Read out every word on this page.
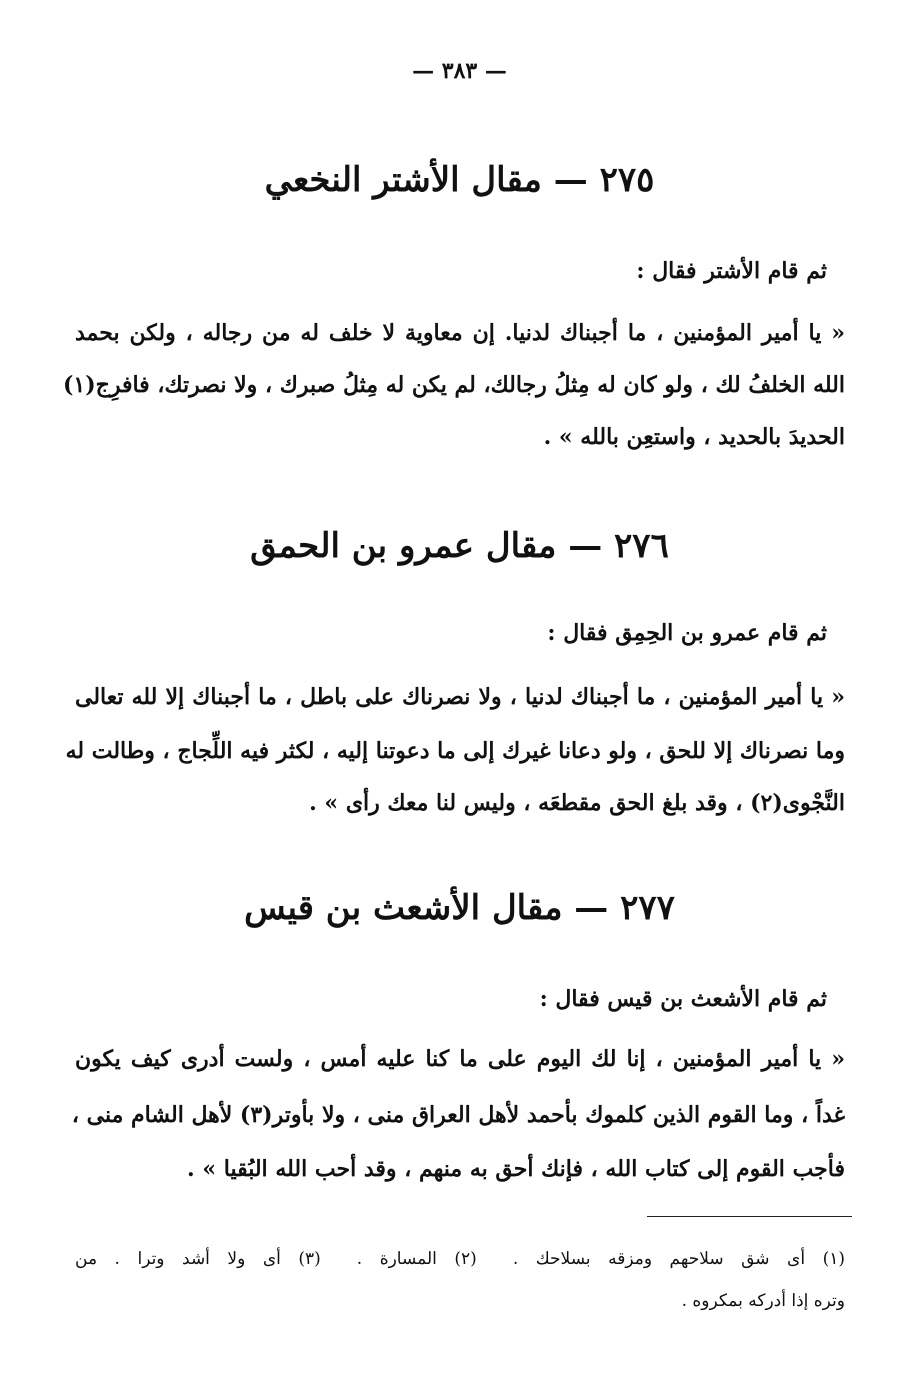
— ٣٨٣ —
٢٧٥ — مقال الأشتر النخعي
ثم قام الأشتر فقال :
« يا أمير المؤمنين ، ما أجبناك لدنيا. إن معاوية لا خلف له من رجاله ، ولكن بحمد
الله الخلفُ لك ، ولو كان له مِثلُ رجالك، لم يكن له مِثلُ صبرك ، ولا نصرتك، فافرِج(١)
الحديدَ بالحديد ، واستعِن بالله » .
٢٧٦ — مقال عمرو بن الحمق
ثم قام عمرو بن الحِمِق فقال :
« يا أمير المؤمنين ، ما أجبناك لدنيا ، ولا نصرناك على باطل ، ما أجبناك إلا لله تعالى
وما نصرناك إلا للحق ، ولو دعانا غيرك إلى ما دعوتنا إليه ، لكثر فيه اللِّجاج ، وطالت له
النَّجْوى(٢) ، وقد بلغ الحق مقطعَه ، وليس لنا معك رأى » .
٢٧٧ — مقال الأشعث بن قيس
ثم قام الأشعث بن قيس فقال :
« يا أمير المؤمنين ، إنا لك اليوم على ما كنا عليه أمس ، ولست أدرى كيف يكون
غداً ، وما القوم الذين كلموك بأحمد لأهل العراق منى ، ولا بأوتر(٣) لأهل الشام منى ،
فأجب القوم إلى كتاب الله ، فإنك أحق به منهم ، وقد أحب الله البُقيا » .
(١) أى شق سلاحهم ومزقه بسلاحك .(٢) المسارة .(٣) أى ولا أشد وترا . من
وتره إذا أدركه بمكروه .
